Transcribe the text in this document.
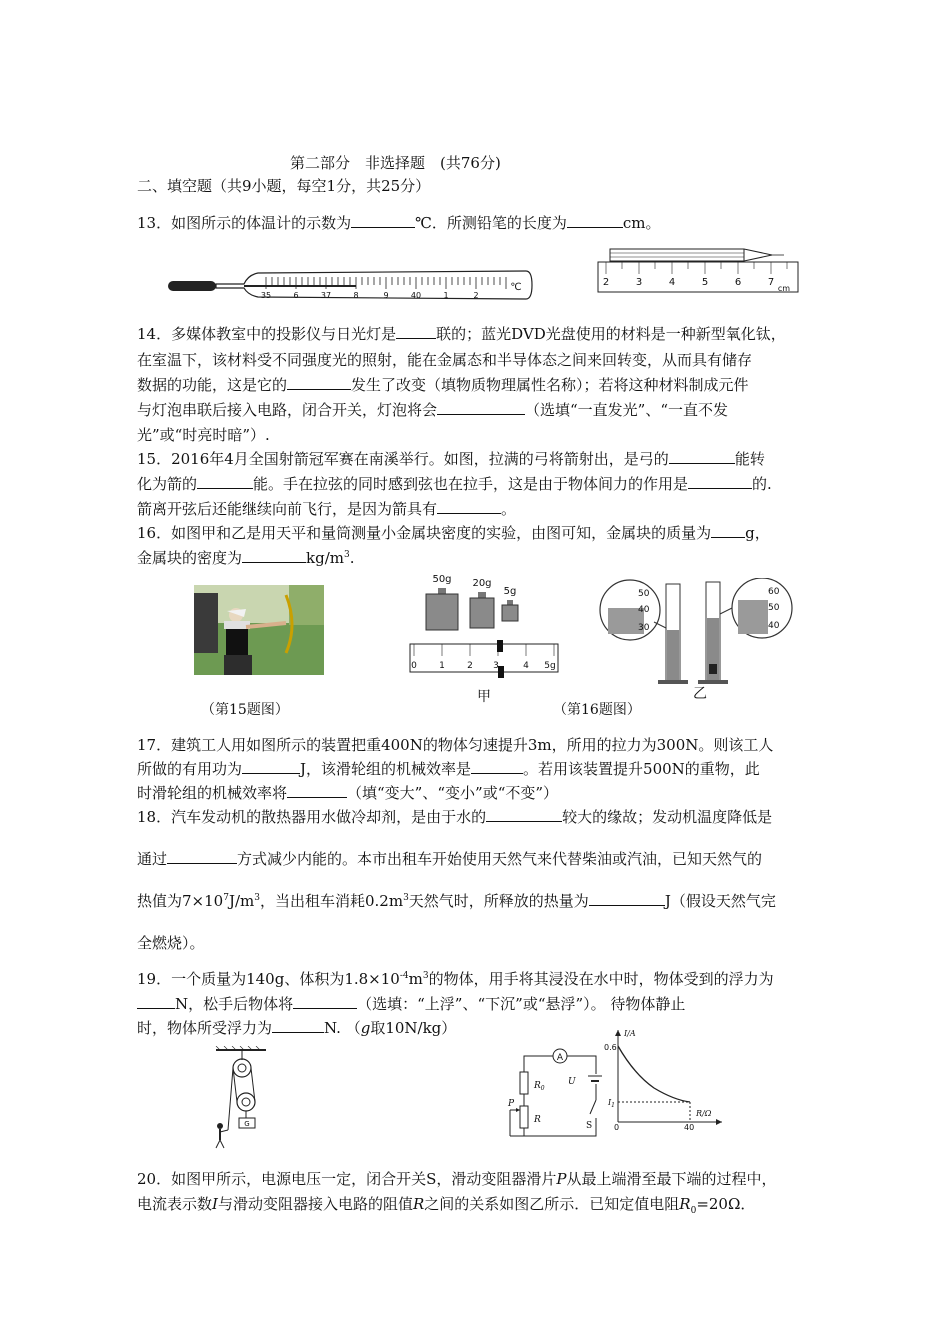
第二部分　非选择题　(共76分)
二、填空题（共9小题，每空1分，共25分）
13．如图所示的体温计的示数为	℃．所测铅笔的长度为	cm。
35	6	37	8	9	40	1	2
℃	2	3	4	5	6	7
cm
14．多媒体教室中的投影仪与日光灯是	联的；蓝光DVD光盘使用的材料是一种新型氧化钛，
在室温下，该材料受不同强度光的照射，能在金属态和半导体态之间来回转变，从而具有储存
数据的功能，这是它的	发生了改变（填物质物理属性名称）；若将这种材料制成元件
与灯泡串联后接入电路，闭合开关，灯泡将会	（选填“一直发光”、“一直不发
光”或“时亮时暗”）.
15．2016年4月全国射箭冠军赛在南溪举行。如图，拉满的弓将箭射出，是弓的	能转
化为箭的	能。手在拉弦的同时感到弦也在拉手，这是由于物体间力的作用是	的.
箭离开弦后还能继续向前飞行，是因为箭具有	。
16．如图甲和乙是用天平和量筒测量小金属块密度的实验，由图可知，金属块的质量为 g，
金属块的密度为	$kg/m^3$.
50g 20g
5g
0 1 2 3	4 5g
甲
50
40
30
60
50
40
乙
（第15题图）	（第16题图）
17．建筑工人用如图所示的装置把重400N的物体匀速提升3m，所用的拉力为300N。则该工人
所做的有用功为	J，该滑轮组的机械效率是	。若用该装置提升500N的重物，此
时滑轮组的机械效率将	（填“变大”、“变小”或“不变”）
18．汽车发动机的散热器用水做冷却剂，是由于水的	较大的缘故；发动机温度降低是
通过	方式减少内能的。本市出租车开始使用天然气来代替柴油或汽油，已知天然气的
热值为$7\times 10^7J/m^3$，当出租车消耗$0.2m^3$天然气时，所释放的热量为	J（假设天然气完
全燃烧）。
19．一个质量为140g、体积为$1.8\times 10^{-4}m^3$的物体，用手将其浸没在水中时，物体受到的浮力为
N，松手后物体将	（选填：“上浮”、“下沉”或“悬浮”）。 待物体静止
时，物体所受浮力为	N. （g取10N/kg）
G
A
$R_0$
P
R
U
S
I/A
0.6
$I_1$
R/Ω
40
0
20．如图甲所示，电源电压一定，闭合开关S，滑动变阻器滑片P从最上端滑至最下端的过程中，
电流表示数I与滑动变阻器接入电路的阻值R之间的关系如图乙所示．已知定值电阻$R_0=20\Omega$．
